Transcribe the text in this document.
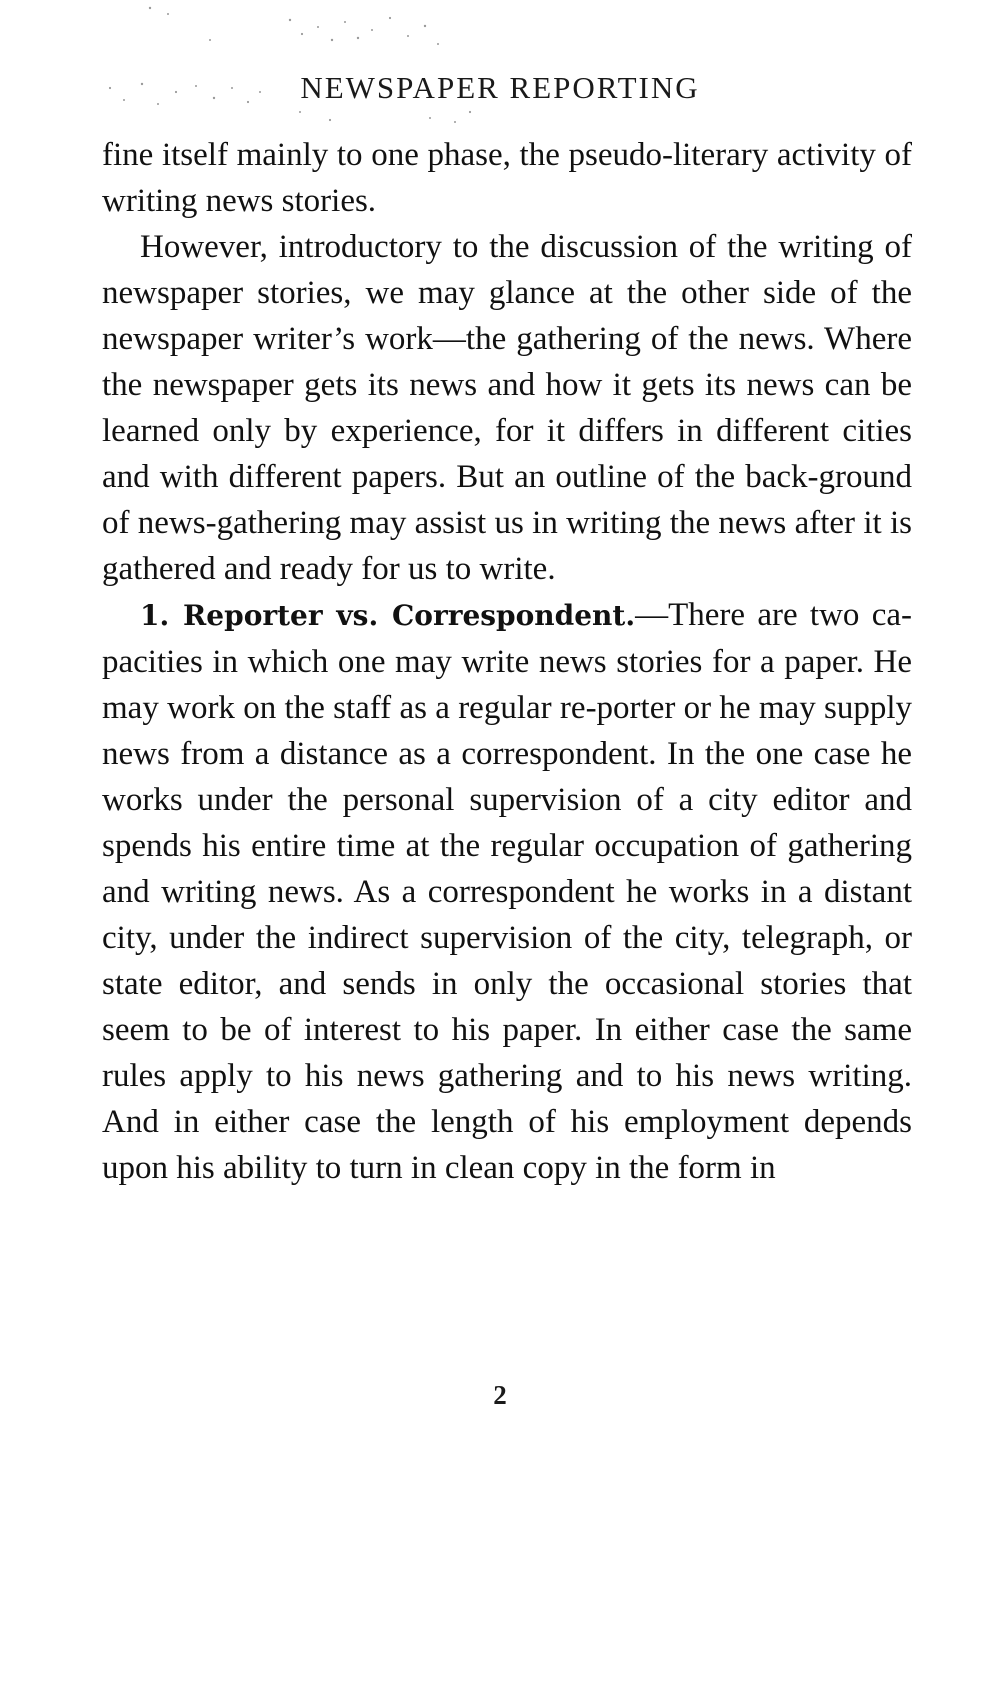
NEWSPAPER REPORTING

fine itself mainly to one phase, the pseudo-literary activity of writing news stories.

However, introductory to the discussion of the writing of newspaper stories, we may glance at the other side of the newspaper writer’s work—the gathering of the news. Where the newspaper gets its news and how it gets its news can be learned only by experience, for it differs in different cities and with different papers. But an outline of the back-ground of news-gathering may assist us in writing the news after it is gathered and ready for us to write.

1. Reporter vs. Correspondent.—There are two ca-pacities in which one may write news stories for a paper. He may work on the staff as a regular re-porter or he may supply news from a distance as a correspondent. In the one case he works under the personal supervision of a city editor and spends his entire time at the regular occupation of gathering and writing news. As a correspondent he works in a distant city, under the indirect supervision of the city, telegraph, or state editor, and sends in only the occasional stories that seem to be of interest to his paper. In either case the same rules apply to his news gathering and to his news writing. And in either case the length of his employment depends upon his ability to turn in clean copy in the form in

2
